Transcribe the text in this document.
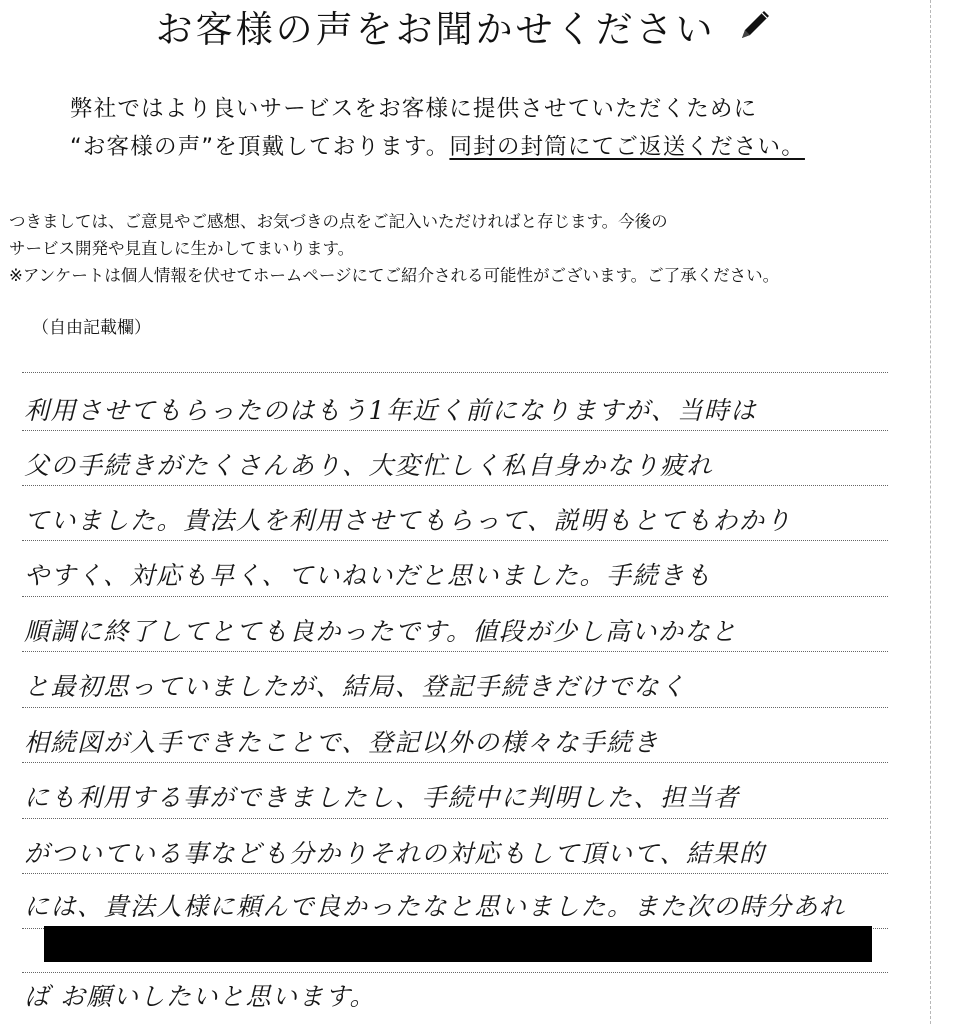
お客様の声をお聞かせください
弊社ではより良いサービスをお客様に提供させていただくために
“お客様の声”を頂戴しております。同封の封筒にてご返送ください。
つきましては、ご意見やご感想、お気づきの点をご記入いただければと存じます。今後の
サービス開発や見直しに生かしてまいります。
※アンケートは個人情報を伏せてホームページにてご紹介される可能性がございます。ご了承ください。
（自由記載欄）
利用させてもらったのはもう1年近く前になりますが、当時は
父の手続きがたくさんあり、大変忙しく私自身かなり疲れ
ていました。貴法人を利用させてもらって、説明もとてもわかり
やすく、対応も早く、ていねいだと思いました。手続きも
順調に終了してとても良かったです。値段が少し高いかなと
と最初思っていましたが、結局、登記手続きだけでなく
相続図が入手できたことで、登記以外の様々な手続き
にも利用する事ができましたし、手続中に判明した、担当者
がついている事なども分かりそれの対応もして頂いて、結果的
には、貴法人様に頼んで良かったなと思いました。また次の時分あれ
ば お願いしたいと思います。
